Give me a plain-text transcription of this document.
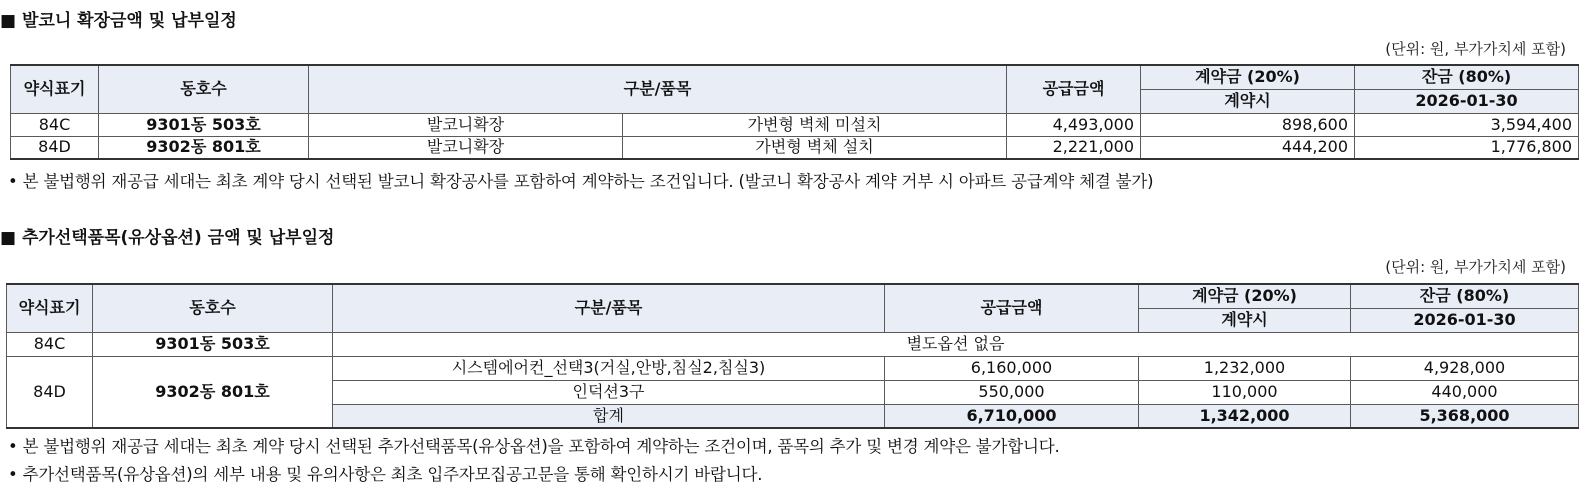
■ 발코니 확장금액 및 납부일정
(단위: 원, 부가가치세 포함)
약식표기	동호수	구분/품목		공급금액	계약금 (20%)	잔금 (80%)
					계약시	2026-01-30
84C	9301동 503호	발코니확장	가변형 벽체 미설치	4,493,000	898,600	3,594,400
84D	9302동 801호	발코니확장	가변형 벽체 설치	2,221,000	444,200	1,776,800
• 본 불법행위 재공급 세대는 최초 계약 당시 선택된 발코니 확장공사를 포함하여 계약하는 조건입니다. (발코니 확장공사 계약 거부 시 아파트 공급계약 체결 불가)
■ 추가선택품목(유상옵션) 금액 및 납부일정
(단위: 원, 부가가치세 포함)
약식표기	동호수	구분/품목	공급금액	계약금 (20%)	잔금 (80%)
				계약시	2026-01-30
84C	9301동 503호	별도옵션 없음			
84D	9302동 801호	시스템에어컨_선택3(거실,안방,침실2,침실3)	6,160,000	1,232,000	4,928,000
		인덕션3구	550,000	110,000	440,000
		합계	6,710,000	1,342,000	5,368,000
• 본 불법행위 재공급 세대는 최초 계약 당시 선택된 추가선택품목(유상옵션)을 포함하여 계약하는 조건이며, 품목의 추가 및 변경 계약은 불가합니다.
• 추가선택품목(유상옵션)의 세부 내용 및 유의사항은 최초 입주자모집공고문을 통해 확인하시기 바랍니다.
